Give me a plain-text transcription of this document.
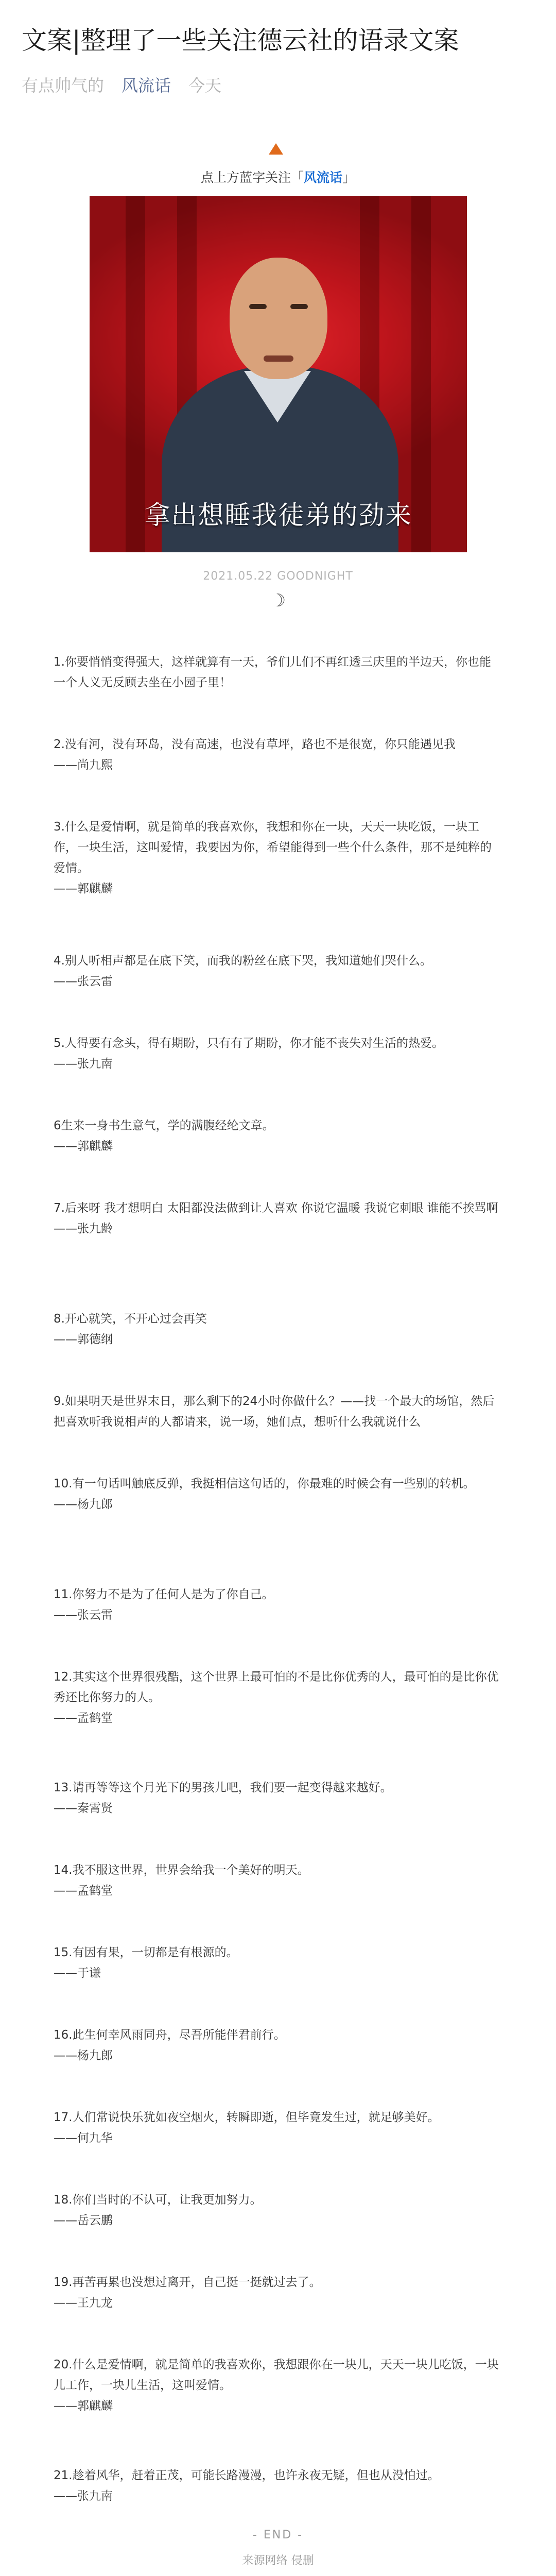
文案|整理了一些关注德云社的语录文案
有点帅气的 风流话 今天
点上方蓝字关注「风流话」
拿出想睡我徒弟的劲来
2021.05.22 GOODNIGHT
☽

1.你要悄悄变得强大，这样就算有一天，爷们儿们不再红透三庆里的半边天，你也能一个人义无反顾去坐在小园子里！

2.没有河，没有环岛，没有高速，也没有草坪，路也不是很宽，你只能遇见我

——尚九熙

3.什么是爱情啊，就是简单的我喜欢你，我想和你在一块，天天一块吃饭，一块工作，一块生活，这叫爱情，我要因为你，希望能得到一些个什么条件，那不是纯粹的爱情。

——郭麒麟

4.别人听相声都是在底下笑，而我的粉丝在底下哭，我知道她们哭什么。

——张云雷

5.人得要有念头，得有期盼，只有有了期盼，你才能不丧失对生活的热爱。

——张九南

6生来一身书生意气，学的满腹经纶文章。

——郭麒麟

7.后来呀 我才想明白 太阳都没法做到让人喜欢 你说它温暖 我说它刺眼 谁能不挨骂啊

——张九龄

8.开心就笑，不开心过会再笑

——郭德纲

9.如果明天是世界末日，那么剩下的24小时你做什么？——找一个最大的场馆，然后把喜欢听我说相声的人都请来，说一场，她们点，想听什么我就说什么

10.有一句话叫触底反弹，我挺相信这句话的，你最难的时候会有一些别的转机。

——杨九郎

11.你努力不是为了任何人是为了你自己。

——张云雷

12.其实这个世界很残酷，这个世界上最可怕的不是比你优秀的人，最可怕的是比你优秀还比你努力的人。

——孟鹤堂

13.请再等等这个月光下的男孩儿吧，我们要一起变得越来越好。

——秦霄贤

14.我不服这世界，世界会给我一个美好的明天。

——孟鹤堂

15.有因有果，一切都是有根源的。

——于谦

16.此生何幸风雨同舟，尽吾所能伴君前行。

——杨九郎

17.人们常说快乐犹如夜空烟火，转瞬即逝，但毕竟发生过，就足够美好。

——何九华

18.你们当时的不认可，让我更加努力。

——岳云鹏

19.再苦再累也没想过离开，自己挺一挺就过去了。

——王九龙

20.什么是爱情啊，就是简单的我喜欢你，我想跟你在一块儿，天天一块儿吃饭，一块儿工作，一块儿生活，这叫爱情。

——郭麒麟

21.趁着风华，赶着正茂，可能长路漫漫，也许永夜无疑，但也从没怕过。

——张九南

- END -
来源网络 侵删
